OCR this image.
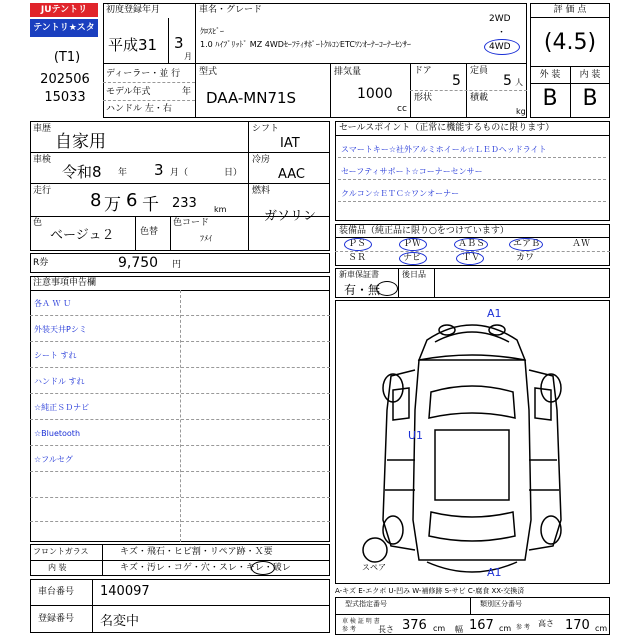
JUテントリ
テントリ★スター
(T1)
202506
15033
初度登録年月
平成31 3
月
車名・グレード
ｸﾛｽﾋﾞｰ
1.0 ﾊｲﾌﾞﾘｯﾄﾞ MZ 4WDｾｰﾌﾃｨｻﾎﾟｰﾄｸﾙｺﾝETCﾜﾝｵｰﾅｰｺｰﾅｰｾﾝｻｰ
2WD
・
4WD
ディーラー・並 行
モデル年式	年
ハンドル 左・右
型式
DAA-MN71S
排気量
1000
cc
ドア
5
定員
5 人
形状	積載
kg
評 価 点
(4.5)
外 装	内 装
B	B
車歴
自家用
車検
令和8 年 3 月（	日）
走行 8 万 6 千 233 km
色
ベージュ２	色替
色コード
ﾌﾒｲ
シフト
IAT
冷房
AAC
燃料
ガソリン
R券	9,750 円
セールスポイント（正常に機能するものに限ります）
スマートキー☆社外アルミホイール☆ＬＥＤヘッドライト
セーフティサポート☆コーナーセンサー
クルコン☆ＥＴＣ☆ワンオーナー
装備品（純正品に限り○をつけています）
ＰＳ	ＰＷ	ＡＢＳ	エアＢ	ＡＷ
ＳＲ	ナビ	ＴＶ	カワ
新車保証書
有・無
後日品
注意事項申告欄
各Ａ Ｗ Ｕ
外装天井Pシミ
シート すれ
ハンドル すれ
☆純正ＳＤナビ
☆Bluetooth
☆フルセグ
フロントガラス	キズ・飛石・ヒビ割・リペア跡・Ｘ要
内 装	キズ・汚レ・コゲ・穴・スレ・キレ・破レ
車台番号 140097
登録番号 名変中
A1
U1
A1
スペア
A-キズ E-エクボ U-凹み W-補修跡 S-サビ C-腐食 XX-交換済
型式指定番号	類別区分番号
車 検 証 明 書 参 考	長さ 376 cm 幅 167 cm 参 考 高さ 170 cm
